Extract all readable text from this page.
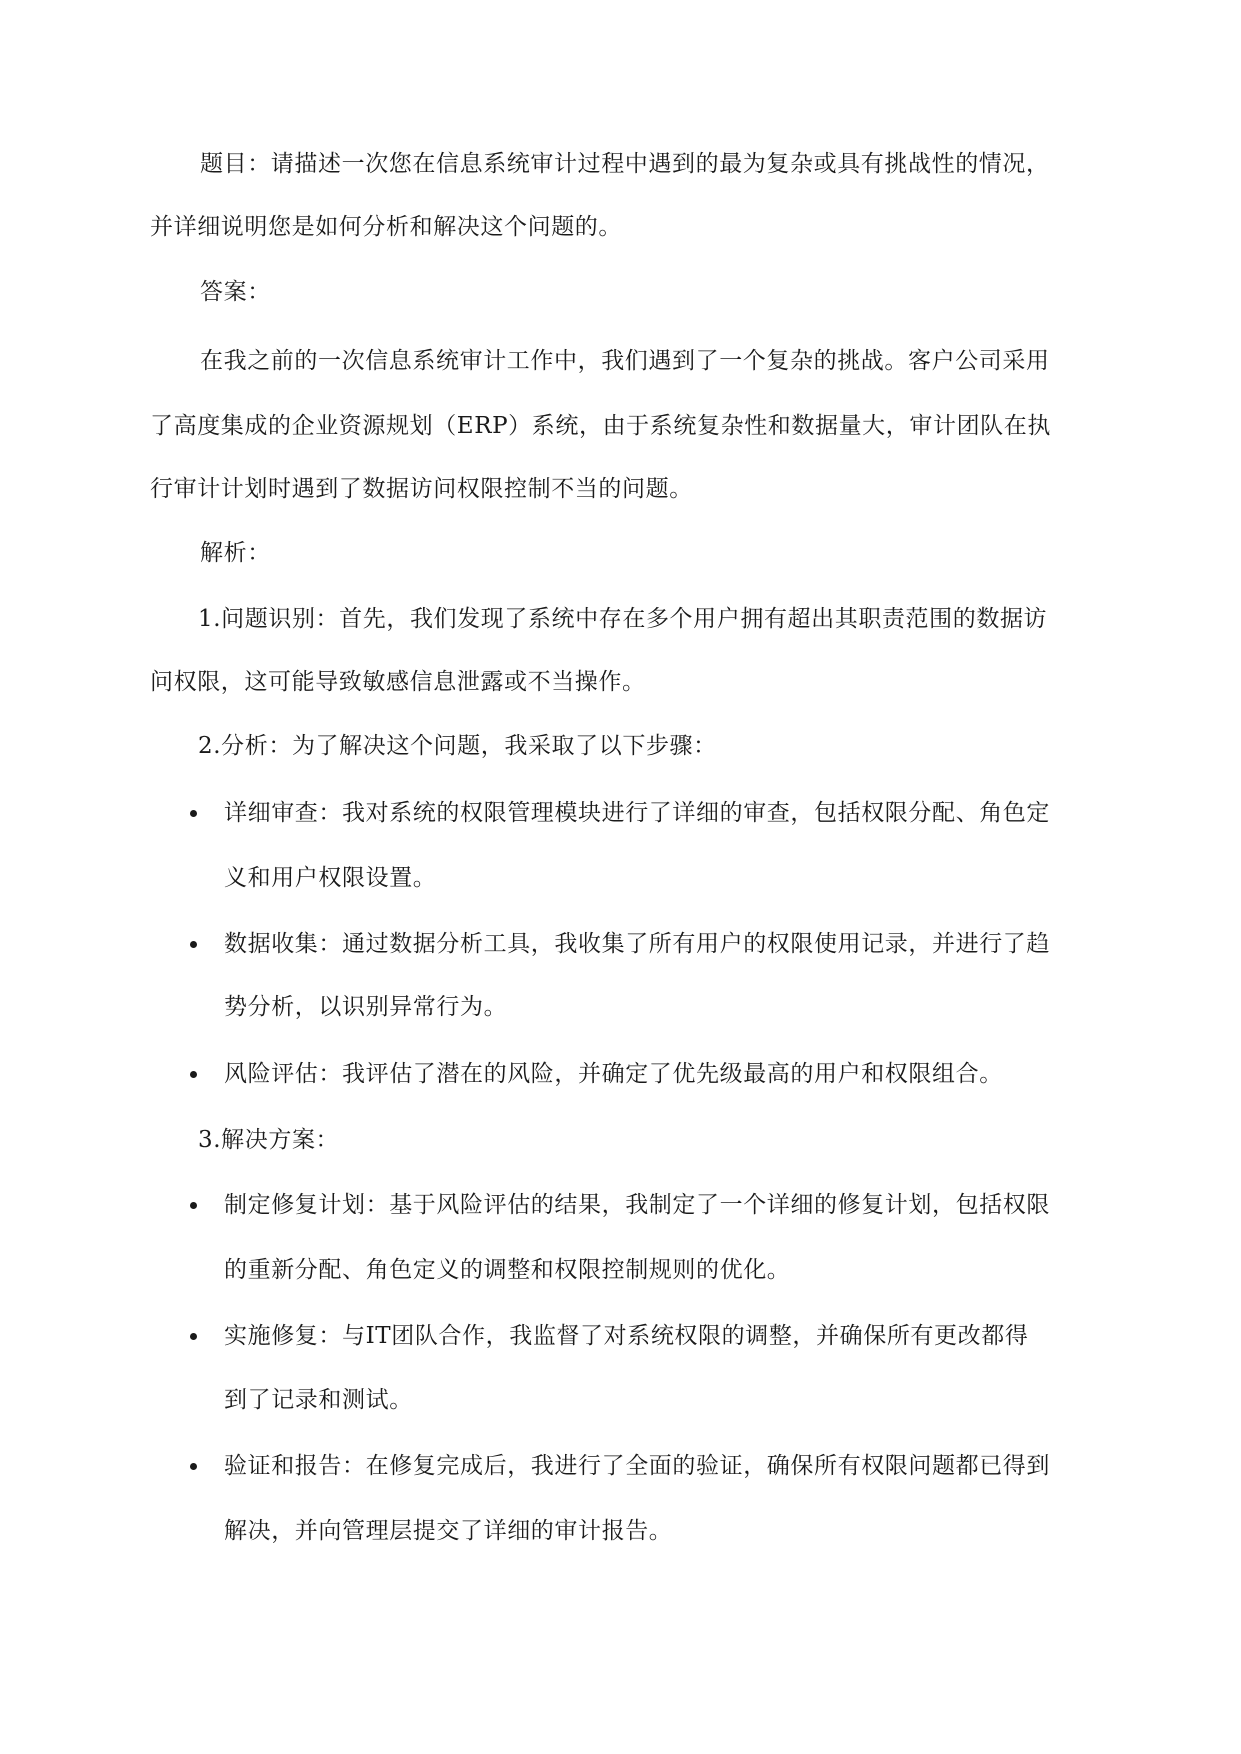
题目：请描述一次您在信息系统审计过程中遇到的最为复杂或具有挑战性的情况，
并详细说明您是如何分析和解决这个问题的。
答案：
在我之前的一次信息系统审计工作中，我们遇到了一个复杂的挑战。客户公司采用
了高度集成的企业资源规划（ERP）系统，由于系统复杂性和数据量大，审计团队在执
行审计计划时遇到了数据访问权限控制不当的问题。
解析：
1.问题识别：首先，我们发现了系统中存在多个用户拥有超出其职责范围的数据访
问权限，这可能导致敏感信息泄露或不当操作。
2.分析：为了解决这个问题，我采取了以下步骤：
详细审查：我对系统的权限管理模块进行了详细的审查，包括权限分配、角色定
义和用户权限设置。
数据收集：通过数据分析工具，我收集了所有用户的权限使用记录，并进行了趋
势分析，以识别异常行为。
风险评估：我评估了潜在的风险，并确定了优先级最高的用户和权限组合。
3.解决方案：
制定修复计划：基于风险评估的结果，我制定了一个详细的修复计划，包括权限
的重新分配、角色定义的调整和权限控制规则的优化。
实施修复：与IT团队合作，我监督了对系统权限的调整，并确保所有更改都得
到了记录和测试。
验证和报告：在修复完成后，我进行了全面的验证，确保所有权限问题都已得到
解决，并向管理层提交了详细的审计报告。
